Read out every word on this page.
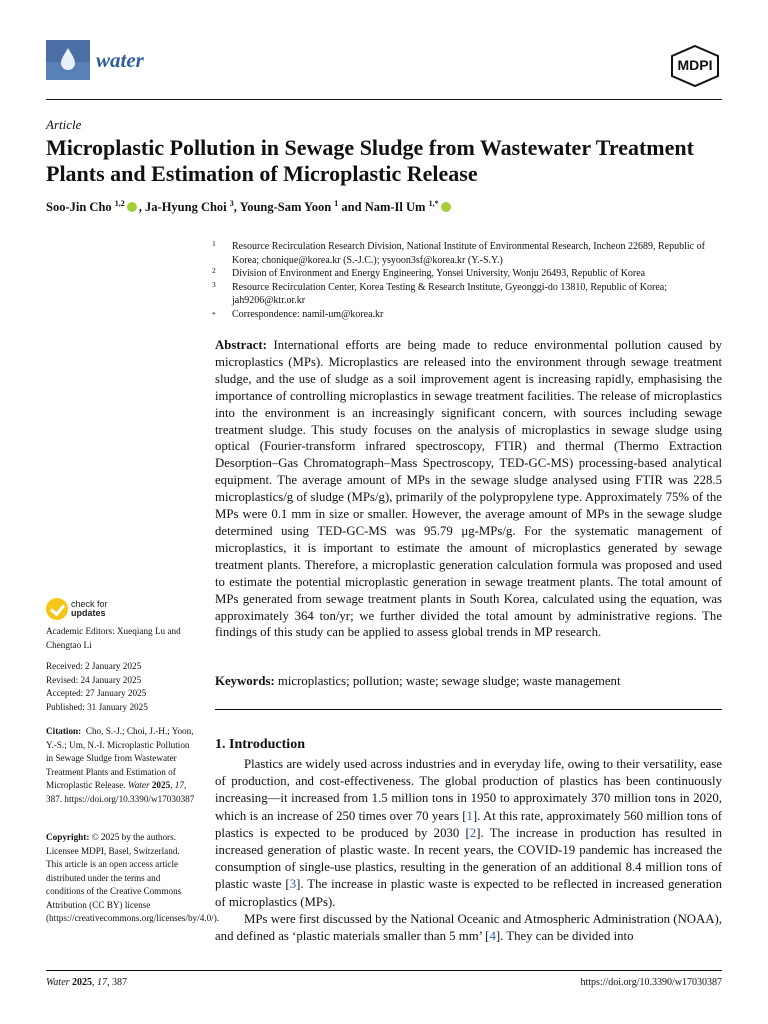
water	MDPI
Article
Microplastic Pollution in Sewage Sludge from Wastewater Treatment Plants and Estimation of Microplastic Release
Soo-Jin Cho $^{1,2}$ , Ja-Hyung Choi $^3$, Young-Sam Yoon $^1$ and Nam-Il Um $^{1,*}$
1 Resource Recirculation Research Division, National Institute of Environmental Research, Incheon 22689, Republic of Korea; chonique@korea.kr (S.-J.C.); ysyoon3sf@korea.kr (Y.-S.Y.)
2 Division of Environment and Energy Engineering, Yonsei University, Wonju 26493, Republic of Korea
3 Resource Recirculation Center, Korea Testing & Research Institute, Gyeonggi-do 13810, Republic of Korea; jah9206@ktr.or.kr
* Correspondence: namil-um@korea.kr
Abstract: International efforts are being made to reduce environmental pollution caused by microplastics (MPs). Microplastics are released into the environment through sewage treatment sludge, and the use of sludge as a soil improvement agent is increasing rapidly, emphasising the importance of controlling microplastics in sewage treatment facilities. The release of microplastics into the environment is an increasingly significant concern, with sources including sewage treatment sludge. This study focuses on the analysis of microplastics in sewage sludge using optical (Fourier-transform infrared spectroscopy, FTIR) and thermal (Thermo Extraction Desorption–Gas Chromatograph–Mass Spectroscopy, TED-GC-MS) processing-based analytical equipment. The average amount of MPs in the sewage sludge analysed using FTIR was 228.5 microplastics/g of sludge (MPs/g), primarily of the polypropylene type. Approximately 75% of the MPs were 0.1 mm in size or smaller. However, the average amount of MPs in the sewage sludge determined using TED-GC-MS was 95.79 μg-MPs/g. For the systematic management of microplastics, it is important to estimate the amount of microplastics generated by sewage treatment plants. Therefore, a microplastic generation calculation formula was proposed and used to estimate the potential microplastic generation in sewage treatment plants. The total amount of MPs generated from sewage treatment plants in South Korea, calculated using the equation, was approximately 364 ton/yr; we further divided the total amount by administrative regions. The findings of this study can be applied to assess global trends in MP research.
Keywords: microplastics; pollution; waste; sewage sludge; waste management
1. Introduction

Plastics are widely used across industries and in everyday life, owing to their versatility, ease of production, and cost-effectiveness. The global production of plastics has been continuously increasing—it increased from 1.5 million tons in 1950 to approximately 370 million tons in 2020, which is an increase of 250 times over 70 years [1]. At this rate, approximately 560 million tons of plastics is expected to be produced by 2030 [2]. The increase in production has resulted in increased generation of plastic waste. In recent years, the COVID-19 pandemic has increased the consumption of single-use plastics, resulting in the generation of an additional 8.4 million tons of plastic waste [3]. The increase in plastic waste is expected to be reflected in increased generation of microplastics (MPs).

MPs were first discussed by the National Oceanic and Atmospheric Administration (NOAA), and defined as ‘plastic materials smaller than 5 mm’ [4]. They can be divided into

check for
updates
Academic Editors: Xueqiang Lu and Chengtao Li
Received: 2 January 2025
Revised: 24 January 2025
Accepted: 27 January 2025
Published: 31 January 2025
Citation: Cho, S.-J.; Choi, J.-H.; Yoon, Y.-S.; Um, N.-I. Microplastic Pollution in Sewage Sludge from Wastewater Treatment Plants and Estimation of Microplastic Release. Water 2025, 17, 387. https://doi.org/10.3390/w17030387
Copyright: © 2025 by the authors. Licensee MDPI, Basel, Switzerland. This article is an open access article distributed under the terms and conditions of the Creative Commons Attribution (CC BY) license (https://creativecommons.org/licenses/by/4.0/).
Water 2025, 17, 387	https://doi.org/10.3390/w17030387
